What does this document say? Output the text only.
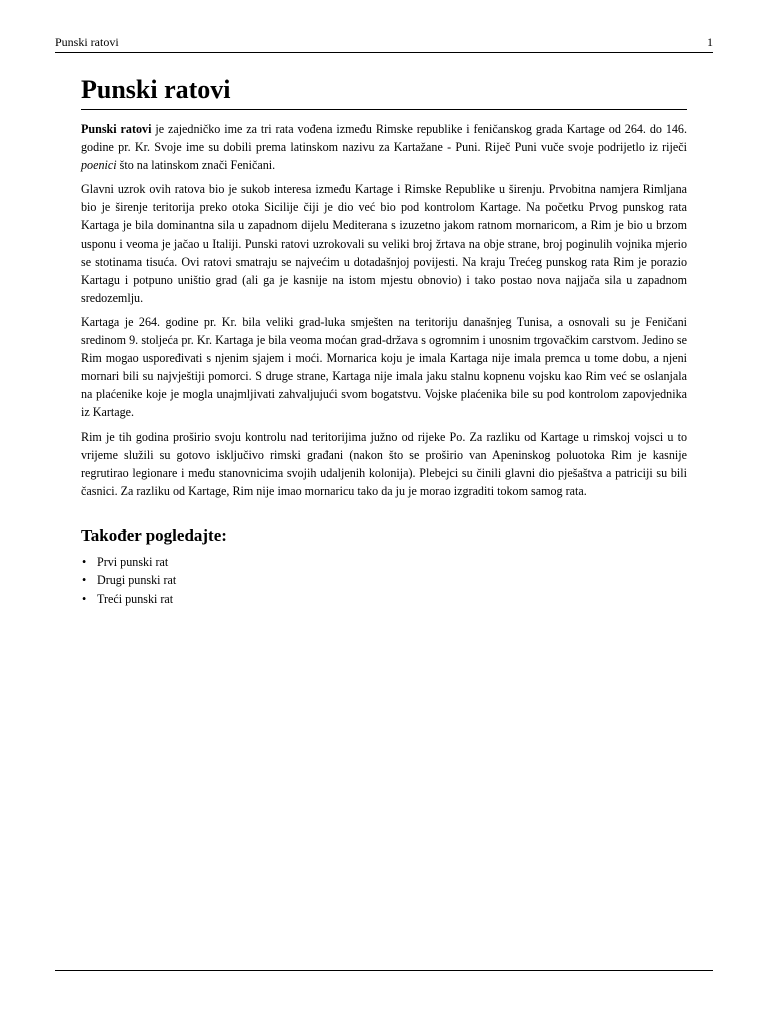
Punski ratovi	1
Punski ratovi

Punski ratovi je zajedničko ime za tri rata vođena između Rimske republike i feničanskog grada Kartage od 264. do 146. godine pr. Kr. Svoje ime su dobili prema latinskom nazivu za Kartažane - Puni. Riječ Puni vuče svoje podrijetlo iz riječi poenici što na latinskom znači Feničani.

Glavni uzrok ovih ratova bio je sukob interesa između Kartage i Rimske Republike u širenju. Prvobitna namjera Rimljana bio je širenje teritorija preko otoka Sicilije čiji je dio već bio pod kontrolom Kartage. Na početku Prvog punskog rata Kartaga je bila dominantna sila u zapadnom dijelu Mediterana s izuzetno jakom ratnom mornaricom, a Rim je bio u brzom usponu i veoma je jačao u Italiji. Punski ratovi uzrokovali su veliki broj žrtava na obje strane, broj poginulih vojnika mjerio se stotinama tisuća. Ovi ratovi smatraju se najvećim u dotadašnjoj povijesti. Na kraju Trećeg punskog rata Rim je porazio Kartagu i potpuno uništio grad (ali ga je kasnije na istom mjestu obnovio) i tako postao nova najjača sila u zapadnom sredozemlju.

Kartaga je 264. godine pr. Kr. bila veliki grad-luka smješten na teritoriju današnjeg Tunisa, a osnovali su je Feničani sredinom 9. stoljeća pr. Kr. Kartaga je bila veoma moćan grad-država s ogromnim i unosnim trgovačkim carstvom. Jedino se Rim mogao uspoređivati s njenim sjajem i moći. Mornarica koju je imala Kartaga nije imala premca u tome dobu, a njeni mornari bili su najvještiji pomorci. S druge strane, Kartaga nije imala jaku stalnu kopnenu vojsku kao Rim već se oslanjala na plaćenike koje je mogla unajmljivati zahvaljujući svom bogatstvu. Vojske plaćenika bile su pod kontrolom zapovjednika iz Kartage.

Rim je tih godina proširio svoju kontrolu nad teritorijima južno od rijeke Po. Za razliku od Kartage u rimskoj vojsci u to vrijeme služili su gotovo isključivo rimski građani (nakon što se proširio van Apeninskog poluotoka Rim je kasnije regrutirao legionare i među stanovnicima svojih udaljenih kolonija). Plebejci su činili glavni dio pješaštva a patriciji su bili časnici. Za razliku od Kartage, Rim nije imao mornaricu tako da ju je morao izgraditi tokom samog rata.

Također pogledajte:
• Prvi punski rat
• Drugi punski rat
• Treći punski rat
